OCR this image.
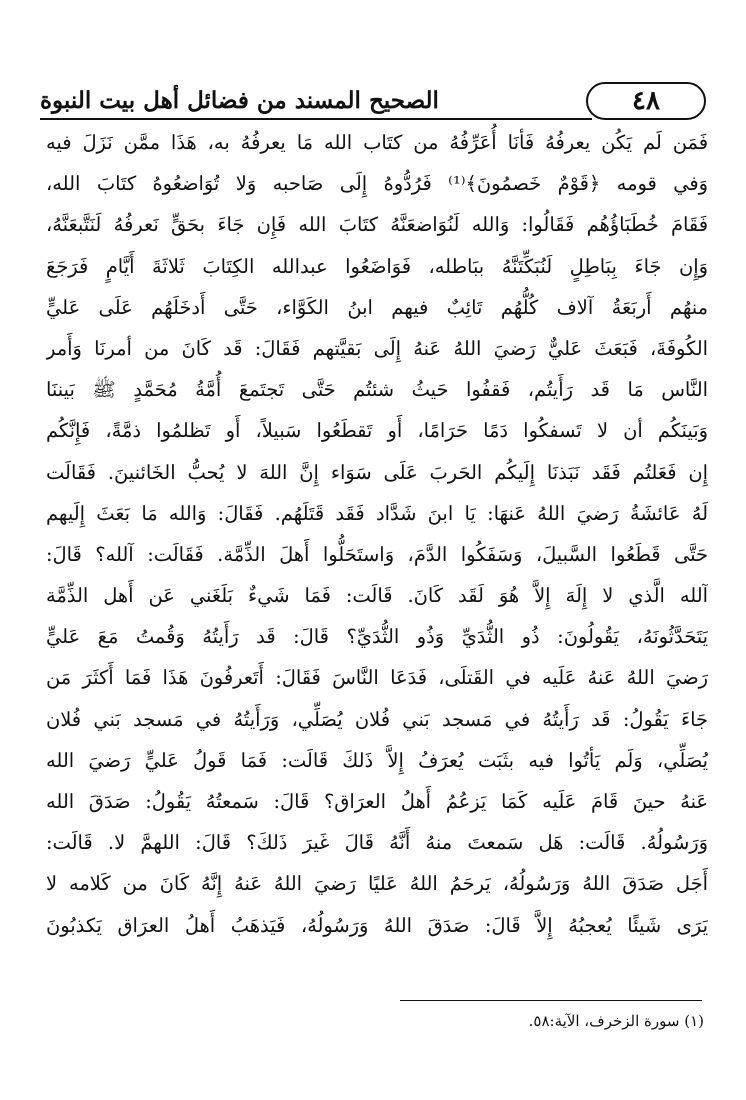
٤٨
الصحيح المسند من فضائل أهل بيت النبوة
فَمَن لَم يَكُن يعرفُهُ فَأنَا أُعَرِّفُهُ من كتَاب الله مَا يعرفُهُ به، هَذَا ممَّن نَزَلَ فيه
وَفي قومه ﴿قَوْمٌ خَصمُونَ﴾⁽¹⁾ فَرُدُّوهُ إِلَى صَاحبه وَلا تُوَاضعُوهُ كتَابَ الله،
فَقَامَ خُطَبَاؤُهُم فَقَالُوا: وَالله لَنُوَاضعَنَّهُ كتَابَ الله فَإِن جَاءَ بحَقٍّ نَعرفُهُ لَنَتَّبعَنَّهُ،
وَإِن جَاءَ بِبَاطِلٍ لَنُبَكِّتَنَّهُ ببَاطله، فَوَاضَعُوا عبدالله الكِتَابَ ثَلاثَةَ أَيَّامٍ فَرَجَعَ
منهُم أَربَعَةُ آلاف كُلُّهُم تَائِبٌ فيهم ابنُ الكَوَّاء، حَتَّى أَدخَلَهُم عَلَى عَليٍّ
الكُوفَةَ، فَبَعَثَ عَليٌّ رَضيَ اللهُ عَنهُ إِلَى بَقيَّتهم فَقَالَ: قَد كَانَ من أمرنَا وَأَمر
النَّاس مَا قَد رَأَيتُم، فَقفُوا حَيثُ شئتُم حَتَّى تَجتَمعَ أُمَّةُ مُحَمَّدٍ ﷺ بَيننَا
وَبَينَكُم أن لا تَسفكُوا دَمًا حَرَامًا، أَو تَقطَعُوا سَبيلاً، أَو تَظلمُوا ذمَّةً، فَإِنَّكُم
إِن فَعَلتُم فَقَد نَبَذنَا إِلَيكُم الحَربَ عَلَى سَوَاء إِنَّ اللهَ لا يُحبُّ الخَائنينَ. فَقَالَت
لَهُ عَائشَةُ رَضيَ اللهُ عَنهَا: يَا ابنَ شَدَّاد فَقَد قَتَلَهُم. فَقَالَ: وَالله مَا بَعَثَ إِلَيهم
حَتَّى قَطَعُوا السَّبيلَ، وَسَفَكُوا الدَّمَ، وَاستَحَلُّوا أَهلَ الذِّمَّة. فَقَالَت: آلله؟ قَالَ:
آلله الَّذي لا إِلَهَ إِلاَّ هُوَ لَقَد كَانَ. قَالَت: فَمَا شَيءٌ بَلَغَني عَن أَهل الذِّمَّة
يَتَحَدَّثُونَهُ، يَقُولُونَ: ذُو الثُّدَيِّ وَذُو الثُّدَيِّ؟ قَالَ: قَد رَأَيتُهُ وَقُمتُ مَعَ عَليٍّ
رَضيَ اللهُ عَنهُ عَلَيه في القَتلَى، فَدَعَا النَّاسَ فَقَالَ: أَتَعرفُونَ هَذَا فَمَا أَكثَرَ مَن
جَاءَ يَقُولُ: قَد رَأَيتُهُ في مَسجد بَني فُلان يُصَلِّي، وَرَأَيتُهُ في مَسجد بَني فُلان
يُصَلِّي، وَلَم يَأتُوا فيه بثَبَت يُعرَفُ إِلاَّ ذَلكَ قَالَت: فَمَا قَولُ عَليٍّ رَضيَ الله
عَنهُ حينَ قَامَ عَلَيه كَمَا يَزعُمُ أَهلُ العرَاق؟ قَالَ: سَمعتُهُ يَقُولُ: صَدَقَ الله
وَرَسُولُهُ. قَالَت: هَل سَمعتَ منهُ أَنَّهُ قَالَ غَيرَ ذَلكَ؟ قَالَ: اللهمَّ لا. قَالَت:
أَجَل صَدَقَ اللهُ وَرَسُولُهُ، يَرحَمُ اللهُ عَليًا رَضيَ اللهُ عَنهُ إِنَّهُ كَانَ من كَلامه لا
يَرَى شَيئًا يُعجبُهُ إِلاَّ قَالَ: صَدَقَ اللهُ وَرَسُولُهُ، فَيَذهَبُ أَهلُ العرَاق يَكذبُونَ
(١) سورة الزخرف، الآية:٥٨.
